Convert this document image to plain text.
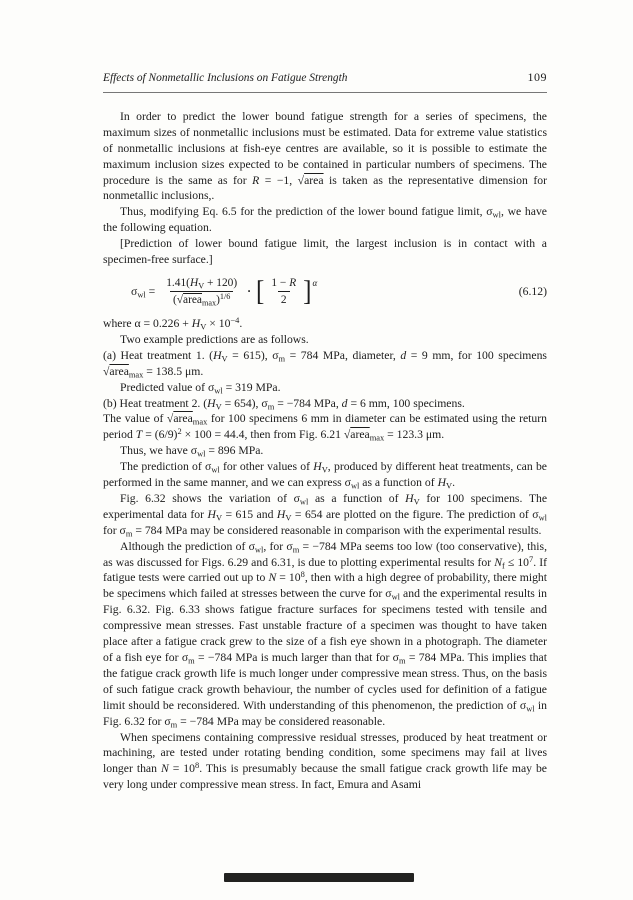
Effects of Nonmetallic Inclusions on Fatigue Strength	109

In order to predict the lower bound fatigue strength for a series of specimens, the maximum sizes of nonmetallic inclusions must be estimated. Data for extreme value statistics of nonmetallic inclusions at fish-eye centres are available, so it is possible to estimate the maximum inclusion sizes expected to be contained in particular numbers of specimens. The procedure is the same as for R = −1, √area is taken as the representative dimension for nonmetallic inclusions,.

Thus, modifying Eq. 6.5 for the prediction of the lower bound fatigue limit, $\sigma_{wl}$, we have the following equation.

[Prediction of lower bound fatigue limit, the largest inclusion is in contact with a specimen-free surface.]

$\sigma_{wl} = \frac{1.41(H_V + 120)}{(√area_{max})^{1/6}}$ · [ $\frac{1 - R}{2}$ ] α
(6.12)

where $\alpha = 0.226 + H_V \times 10^{-4}$.

Two example predictions are as follows.

(a) Heat treatment 1. $(H_V = 615)$, $\sigma_m = 784$ MPa, diameter, d = 9 mm, for 100 specimens √area$_{max}$ = 138.5 μm.

Predicted value of $\sigma_{wl} = 319$ MPa.

(b) Heat treatment 2. $(H_V = 654)$, $\sigma_m = -784$ MPa, d = 6 mm, 100 specimens.

The value of √area$_{max}$ for 100 specimens 6 mm in diameter can be estimated using the return period $T = (6/9)^2 \times 100 = 44.4$, then from Fig. 6.21 √area$_{max}$ = 123.3 μm.

Thus, we have $\sigma_{wl} = 896$ MPa.

The prediction of $\sigma_{wl}$ for other values of $H_V$, produced by different heat treatments, can be performed in the same manner, and we can express $\sigma_{wl}$ as a function of $H_V$.

Fig. 6.32 shows the variation of $\sigma_{wl}$ as a function of $H_V$ for 100 specimens. The experimental data for $H_V = 615$ and $H_V = 654$ are plotted on the figure. The prediction of $\sigma_{wl}$ for $\sigma_m = 784$ MPa may be considered reasonable in comparison with the experimental results.

Although the prediction of $\sigma_{wl}$, for $\sigma_m = -784$ MPa seems too low (too conservative), this, as was discussed for Figs. 6.29 and 6.31, is due to plotting experimental results for $N_f \le 10^7$. If fatigue tests were carried out up to $N = 10^8$, then with a high degree of probability, there might be specimens which failed at stresses between the curve for $\sigma_{wl}$ and the experimental results in Fig. 6.32. Fig. 6.33 shows fatigue fracture surfaces for specimens tested with tensile and compressive mean stresses. Fast unstable fracture of a specimen was thought to have taken place after a fatigue crack grew to the size of a fish eye shown in a photograph. The diameter of a fish eye for $\sigma_m = -784$ MPa is much larger than that for $\sigma_m = 784$ MPa. This implies that the fatigue crack growth life is much longer under compressive mean stress. Thus, on the basis of such fatigue crack growth behaviour, the number of cycles used for definition of a fatigue limit should be reconsidered. With understanding of this phenomenon, the prediction of $\sigma_{wl}$ in Fig. 6.32 for $\sigma_m = -784$ MPa may be considered reasonable.

When specimens containing compressive residual stresses, produced by heat treatment or machining, are tested under rotating bending condition, some specimens may fail at lives longer than $N = 10^8$. This is presumably because the small fatigue crack growth life may be very long under compressive mean stress. In fact, Emura and Asami
